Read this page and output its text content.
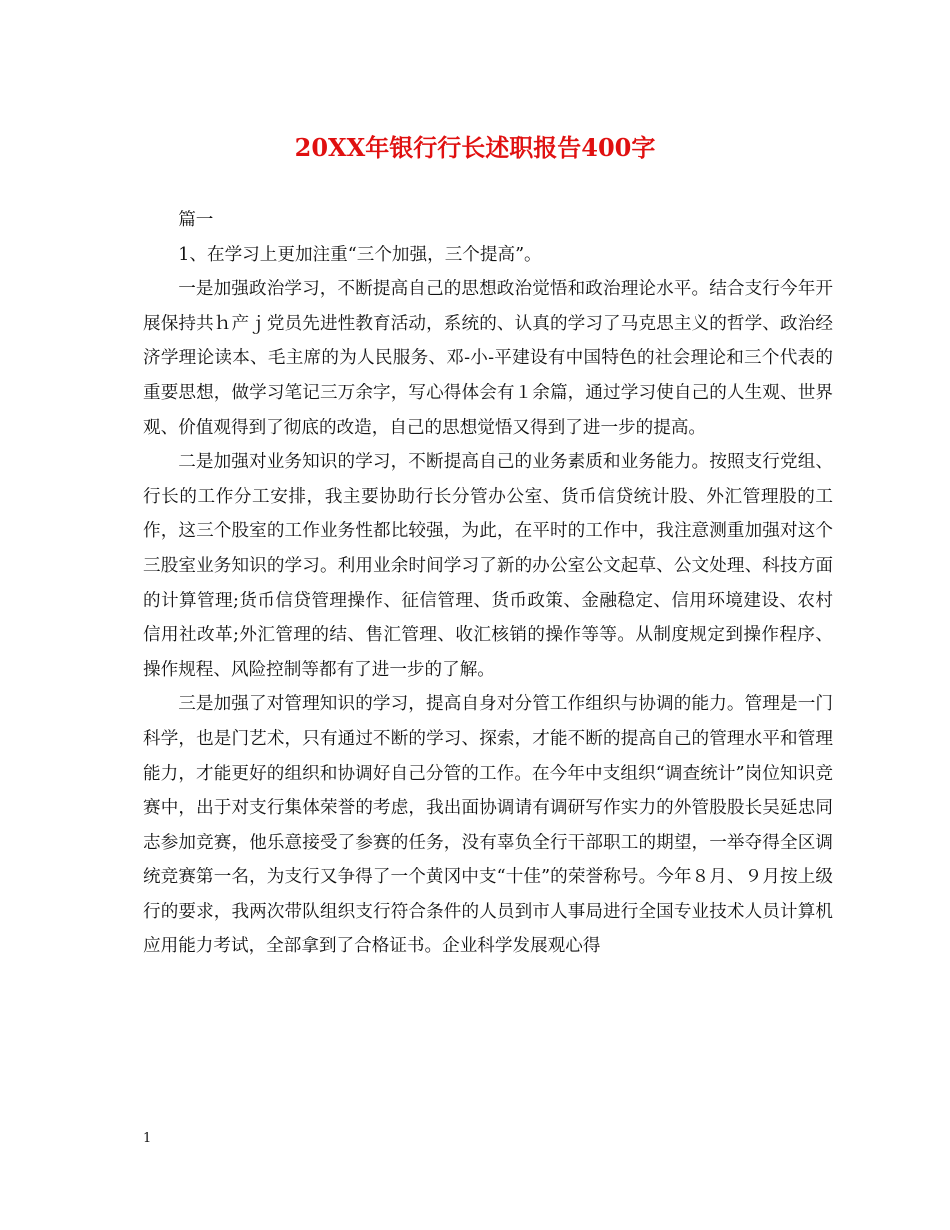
20XX年银行行长述职报告400字

篇一

1、在学习上更加注重“三个加强，三个提高”。

一是加强政治学习，不断提高自己的思想政治觉悟和政治理论水平。结合支行今年开展保持共ｈ产ｊ党员先进性教育活动，系统的、认真的学习了马克思主义的哲学、政治经济学理论读本、毛主席的为人民服务、邓-小-平建设有中国特色的社会理论和三个代表的重要思想，做学习笔记三万余字，写心得体会有１余篇，通过学习使自己的人生观、世界观、价值观得到了彻底的改造，自己的思想觉悟又得到了进一步的提高。

二是加强对业务知识的学习，不断提高自己的业务素质和业务能力。按照支行党组、行长的工作分工安排，我主要协助行长分管办公室、货币信贷统计股、外汇管理股的工作，这三个股室的工作业务性都比较强，为此，在平时的工作中，我注意测重加强对这个三股室业务知识的学习。利用业余时间学习了新的办公室公文起草、公文处理、科技方面的计算管理;货币信贷管理操作、征信管理、货币政策、金融稳定、信用环境建设、农村信用社改革;外汇管理的结、售汇管理、收汇核销的操作等等。从制度规定到操作程序、操作规程、风险控制等都有了进一步的了解。

三是加强了对管理知识的学习，提高自身对分管工作组织与协调的能力。管理是一门科学，也是门艺术，只有通过不断的学习、探索，才能不断的提高自己的管理水平和管理能力，才能更好的组织和协调好自己分管的工作。在今年中支组织“调查统计”岗位知识竞赛中，出于对支行集体荣誉的考虑，我出面协调请有调研写作实力的外管股股长吴延忠同志参加竞赛，他乐意接受了参赛的任务，没有辜负全行干部职工的期望，一举夺得全区调统竞赛第一名，为支行又争得了一个黄冈中支“十佳”的荣誉称号。今年８月、９月按上级行的要求，我两次带队组织支行符合条件的人员到市人事局进行全国专业技术人员计算机应用能力考试，全部拿到了合格证书。企业科学发展观心得

1
